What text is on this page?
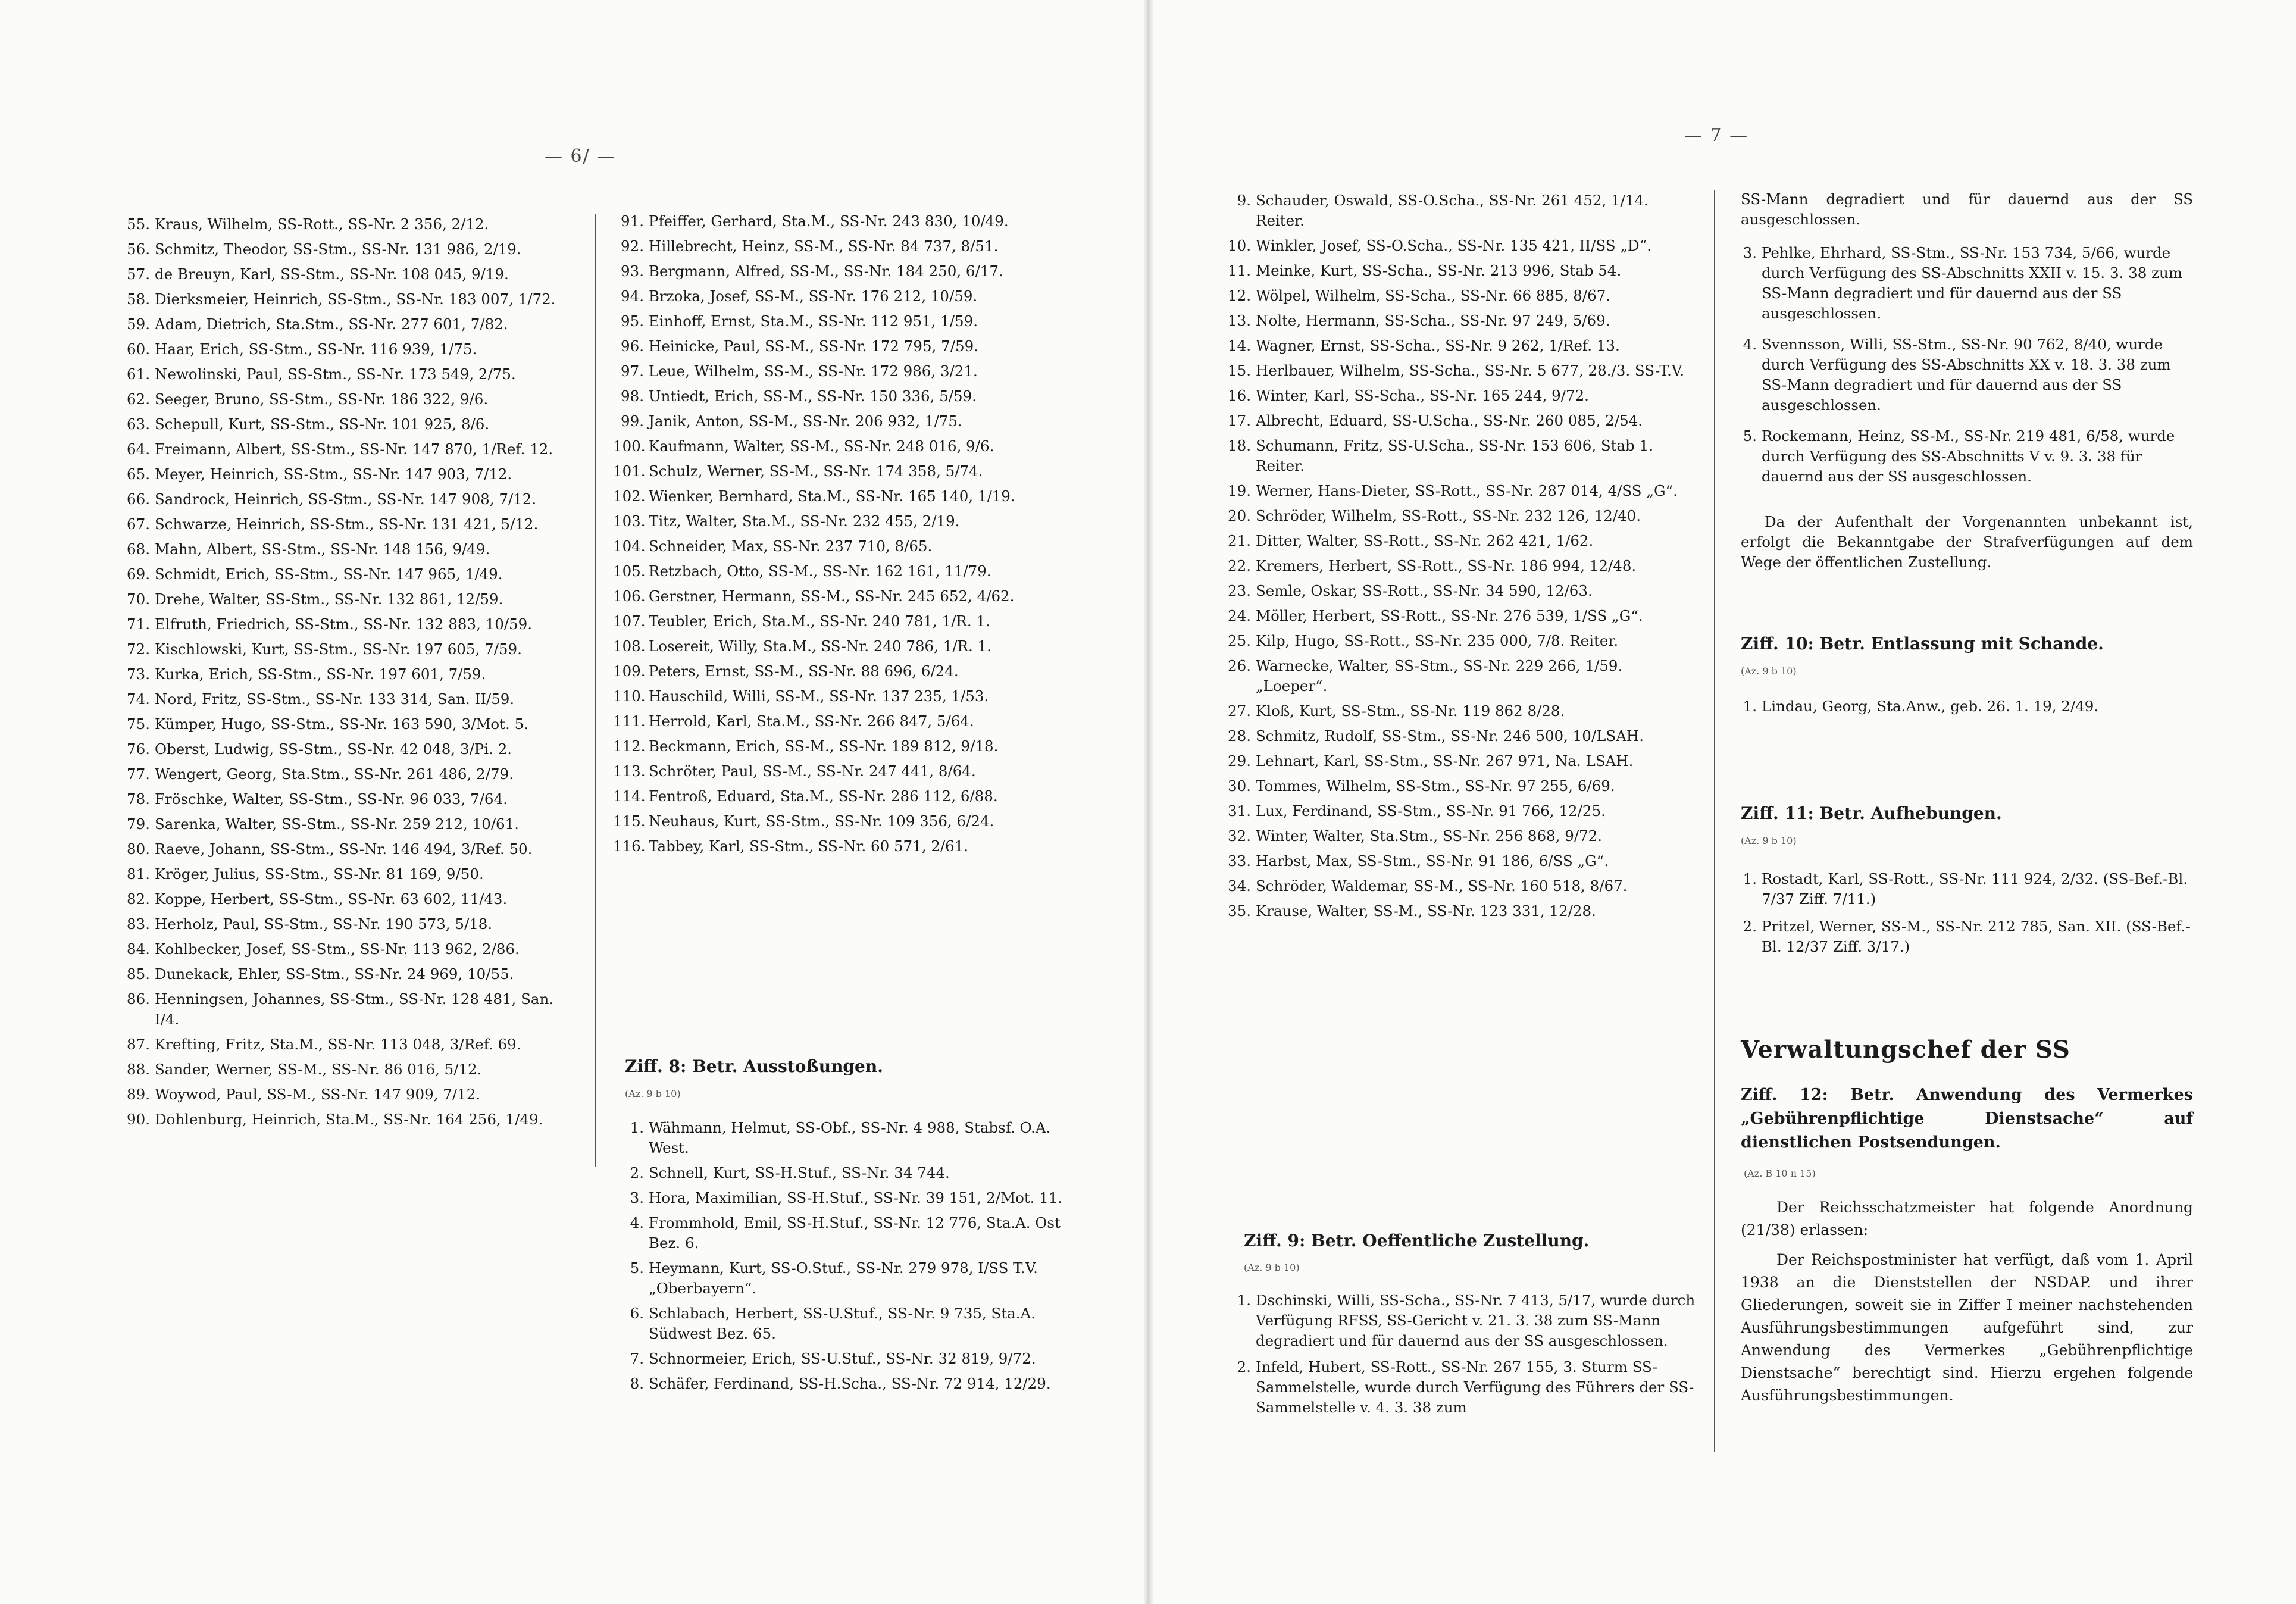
— 6/ —
55. Kraus, Wilhelm, SS-Rott., SS-Nr. 2 356, 2/12.
56. Schmitz, Theodor, SS-Stm., SS-Nr. 131 986, 2/19.
57. de Breuyn, Karl, SS-Stm., SS-Nr. 108 045, 9/19.
58. Dierksmeier, Heinrich, SS-Stm., SS-Nr. 183 007, 1/72.
59. Adam, Dietrich, Sta.Stm., SS-Nr. 277 601, 7/82.
60. Haar, Erich, SS-Stm., SS-Nr. 116 939, 1/75.
61. Newolinski, Paul, SS-Stm., SS-Nr. 173 549, 2/75.
62. Seeger, Bruno, SS-Stm., SS-Nr. 186 322, 9/6.
63. Schepull, Kurt, SS-Stm., SS-Nr. 101 925, 8/6.
64. Freimann, Albert, SS-Stm., SS-Nr. 147 870, 1/Ref. 12.
65. Meyer, Heinrich, SS-Stm., SS-Nr. 147 903, 7/12.
66. Sandrock, Heinrich, SS-Stm., SS-Nr. 147 908, 7/12.
67. Schwarze, Heinrich, SS-Stm., SS-Nr. 131 421, 5/12.
68. Mahn, Albert, SS-Stm., SS-Nr. 148 156, 9/49.
69. Schmidt, Erich, SS-Stm., SS-Nr. 147 965, 1/49.
70. Drehe, Walter, SS-Stm., SS-Nr. 132 861, 12/59.
71. Elfruth, Friedrich, SS-Stm., SS-Nr. 132 883, 10/59.
72. Kischlowski, Kurt, SS-Stm., SS-Nr. 197 605, 7/59.
73. Kurka, Erich, SS-Stm., SS-Nr. 197 601, 7/59.
74. Nord, Fritz, SS-Stm., SS-Nr. 133 314, San. II/59.
75. Kümper, Hugo, SS-Stm., SS-Nr. 163 590, 3/Mot. 5.
76. Oberst, Ludwig, SS-Stm., SS-Nr. 42 048, 3/Pi. 2.
77. Wengert, Georg, Sta.Stm., SS-Nr. 261 486, 2/79.
78. Fröschke, Walter, SS-Stm., SS-Nr. 96 033, 7/64.
79. Sarenka, Walter, SS-Stm., SS-Nr. 259 212, 10/61.
80. Raeve, Johann, SS-Stm., SS-Nr. 146 494, 3/Ref. 50.
81. Kröger, Julius, SS-Stm., SS-Nr. 81 169, 9/50.
82. Koppe, Herbert, SS-Stm., SS-Nr. 63 602, 11/43.
83. Herholz, Paul, SS-Stm., SS-Nr. 190 573, 5/18.
84. Kohlbecker, Josef, SS-Stm., SS-Nr. 113 962, 2/86.
85. Dunekack, Ehler, SS-Stm., SS-Nr. 24 969, 10/55.
86. Henningsen, Johannes, SS-Stm., SS-Nr. 128 481, San. I/4.
87. Krefting, Fritz, Sta.M., SS-Nr. 113 048, 3/Ref. 69.
88. Sander, Werner, SS-M., SS-Nr. 86 016, 5/12.
89. Woywod, Paul, SS-M., SS-Nr. 147 909, 7/12.
90. Dohlenburg, Heinrich, Sta.M., SS-Nr. 164 256, 1/49.
91. Pfeiffer, Gerhard, Sta.M., SS-Nr. 243 830, 10/49.
92. Hillebrecht, Heinz, SS-M., SS-Nr. 84 737, 8/51.
93. Bergmann, Alfred, SS-M., SS-Nr. 184 250, 6/17.
94. Brzoka, Josef, SS-M., SS-Nr. 176 212, 10/59.
95. Einhoff, Ernst, Sta.M., SS-Nr. 112 951, 1/59.
96. Heinicke, Paul, SS-M., SS-Nr. 172 795, 7/59.
97. Leue, Wilhelm, SS-M., SS-Nr. 172 986, 3/21.
98. Untiedt, Erich, SS-M., SS-Nr. 150 336, 5/59.
99. Janik, Anton, SS-M., SS-Nr. 206 932, 1/75.
100. Kaufmann, Walter, SS-M., SS-Nr. 248 016, 9/6.
101. Schulz, Werner, SS-M., SS-Nr. 174 358, 5/74.
102. Wienker, Bernhard, Sta.M., SS-Nr. 165 140, 1/19.
103. Titz, Walter, Sta.M., SS-Nr. 232 455, 2/19.
104. Schneider, Max, SS-Nr. 237 710, 8/65.
105. Retzbach, Otto, SS-M., SS-Nr. 162 161, 11/79.
106. Gerstner, Hermann, SS-M., SS-Nr. 245 652, 4/62.
107. Teubler, Erich, Sta.M., SS-Nr. 240 781, 1/R. 1.
108. Losereit, Willy, Sta.M., SS-Nr. 240 786, 1/R. 1.
109. Peters, Ernst, SS-M., SS-Nr. 88 696, 6/24.
110. Hauschild, Willi, SS-M., SS-Nr. 137 235, 1/53.
111. Herrold, Karl, Sta.M., SS-Nr. 266 847, 5/64.
112. Beckmann, Erich, SS-M., SS-Nr. 189 812, 9/18.
113. Schröter, Paul, SS-M., SS-Nr. 247 441, 8/64.
114. Fentroß, Eduard, Sta.M., SS-Nr. 286 112, 6/88.
115. Neuhaus, Kurt, SS-Stm., SS-Nr. 109 356, 6/24.
116. Tabbey, Karl, SS-Stm., SS-Nr. 60 571, 2/61.
Ziff. 8: Betr. Ausstoßungen.
(Az. 9 b 10)
1. Wähmann, Helmut, SS-Obf., SS-Nr. 4 988, Stabsf. O.A. West.
2. Schnell, Kurt, SS-H.Stuf., SS-Nr. 34 744.
3. Hora, Maximilian, SS-H.Stuf., SS-Nr. 39 151, 2/Mot. 11.
4. Frommhold, Emil, SS-H.Stuf., SS-Nr. 12 776, Sta.A. Ost Bez. 6.
5. Heymann, Kurt, SS-O.Stuf., SS-Nr. 279 978, I/SS T.V. „Oberbayern“.
6. Schlabach, Herbert, SS-U.Stuf., SS-Nr. 9 735, Sta.A. Südwest Bez. 65.
7. Schnormeier, Erich, SS-U.Stuf., SS-Nr. 32 819, 9/72.
8. Schäfer, Ferdinand, SS-H.Scha., SS-Nr. 72 914, 12/29.
— 7 —
9. Schauder, Oswald, SS-O.Scha., SS-Nr. 261 452, 1/14. Reiter.
10. Winkler, Josef, SS-O.Scha., SS-Nr. 135 421, II/SS „D“.
11. Meinke, Kurt, SS-Scha., SS-Nr. 213 996, Stab 54.
12. Wölpel, Wilhelm, SS-Scha., SS-Nr. 66 885, 8/67.
13. Nolte, Hermann, SS-Scha., SS-Nr. 97 249, 5/69.
14. Wagner, Ernst, SS-Scha., SS-Nr. 9 262, 1/Ref. 13.
15. Herlbauer, Wilhelm, SS-Scha., SS-Nr. 5 677, 28./3. SS-T.V.
16. Winter, Karl, SS-Scha., SS-Nr. 165 244, 9/72.
17. Albrecht, Eduard, SS-U.Scha., SS-Nr. 260 085, 2/54.
18. Schumann, Fritz, SS-U.Scha., SS-Nr. 153 606, Stab 1. Reiter.
19. Werner, Hans-Dieter, SS-Rott., SS-Nr. 287 014, 4/SS „G“.
20. Schröder, Wilhelm, SS-Rott., SS-Nr. 232 126, 12/40.
21. Ditter, Walter, SS-Rott., SS-Nr. 262 421, 1/62.
22. Kremers, Herbert, SS-Rott., SS-Nr. 186 994, 12/48.
23. Semle, Oskar, SS-Rott., SS-Nr. 34 590, 12/63.
24. Möller, Herbert, SS-Rott., SS-Nr. 276 539, 1/SS „G“.
25. Kilp, Hugo, SS-Rott., SS-Nr. 235 000, 7/8. Reiter.
26. Warnecke, Walter, SS-Stm., SS-Nr. 229 266, 1/59. „Loeper“.
27. Kloß, Kurt, SS-Stm., SS-Nr. 119 862 8/28.
28. Schmitz, Rudolf, SS-Stm., SS-Nr. 246 500, 10/LSAH.
29. Lehnart, Karl, SS-Stm., SS-Nr. 267 971, Na. LSAH.
30. Tommes, Wilhelm, SS-Stm., SS-Nr. 97 255, 6/69.
31. Lux, Ferdinand, SS-Stm., SS-Nr. 91 766, 12/25.
32. Winter, Walter, Sta.Stm., SS-Nr. 256 868, 9/72.
33. Harbst, Max, SS-Stm., SS-Nr. 91 186, 6/SS „G“.
34. Schröder, Waldemar, SS-M., SS-Nr. 160 518, 8/67.
35. Krause, Walter, SS-M., SS-Nr. 123 331, 12/28.
Ziff. 9: Betr. Oeffentliche Zustellung.
(Az. 9 b 10)
1. Dschinski, Willi, SS-Scha., SS-Nr. 7 413, 5/17, wurde durch Verfügung RFSS, SS-Gericht v. 21. 3. 38 zum SS-Mann degradiert und für dauernd aus der SS ausgeschlossen.
2. Infeld, Hubert, SS-Rott., SS-Nr. 267 155, 3. Sturm SS-Sammelstelle, wurde durch Verfügung des Führers der SS-Sammelstelle v. 4. 3. 38 zum
SS-Mann degradiert und für dauernd aus der SS ausgeschlossen.
3. Pehlke, Ehrhard, SS-Stm., SS-Nr. 153 734, 5/66, wurde durch Verfügung des SS-Abschnitts XXII v. 15. 3. 38 zum SS-Mann degradiert und für dauernd aus der SS ausgeschlossen.
4. Svennsson, Willi, SS-Stm., SS-Nr. 90 762, 8/40, wurde durch Verfügung des SS-Abschnitts XX v. 18. 3. 38 zum SS-Mann degradiert und für dauernd aus der SS ausgeschlossen.
5. Rockemann, Heinz, SS-M., SS-Nr. 219 481, 6/58, wurde durch Verfügung des SS-Abschnitts V v. 9. 3. 38 für dauernd aus der SS ausgeschlossen.
Da der Aufenthalt der Vorgenannten unbekannt ist, erfolgt die Bekanntgabe der Strafverfügungen auf dem Wege der öffentlichen Zustellung.
Ziff. 10: Betr. Entlassung mit Schande.
(Az. 9 b 10)
1. Lindau, Georg, Sta.Anw., geb. 26. 1. 19, 2/49.
Ziff. 11: Betr. Aufhebungen.
(Az. 9 b 10)
1. Rostadt, Karl, SS-Rott., SS-Nr. 111 924, 2/32. (SS-Bef.-Bl. 7/37 Ziff. 7/11.)
2. Pritzel, Werner, SS-M., SS-Nr. 212 785, San. XII. (SS-Bef.-Bl. 12/37 Ziff. 3/17.)
Verwaltungschef der SS
Ziff. 12: Betr. Anwendung des Vermerkes „Gebührenpflichtige Dienstsache“ auf dienstlichen Postsendungen.
(Az. B 10 n 15)

Der Reichsschatzmeister hat folgende Anordnung (21/38) erlassen:

Der Reichspostminister hat verfügt, daß vom 1. April 1938 an die Dienststellen der NSDAP. und ihrer Gliederungen, soweit sie in Ziffer I meiner nachstehenden Ausführungsbestimmungen aufgeführt sind, zur Anwendung des Vermerkes „Gebührenpflichtige Dienstsache“ berechtigt sind. Hierzu ergehen folgende Ausführungsbestimmungen.
